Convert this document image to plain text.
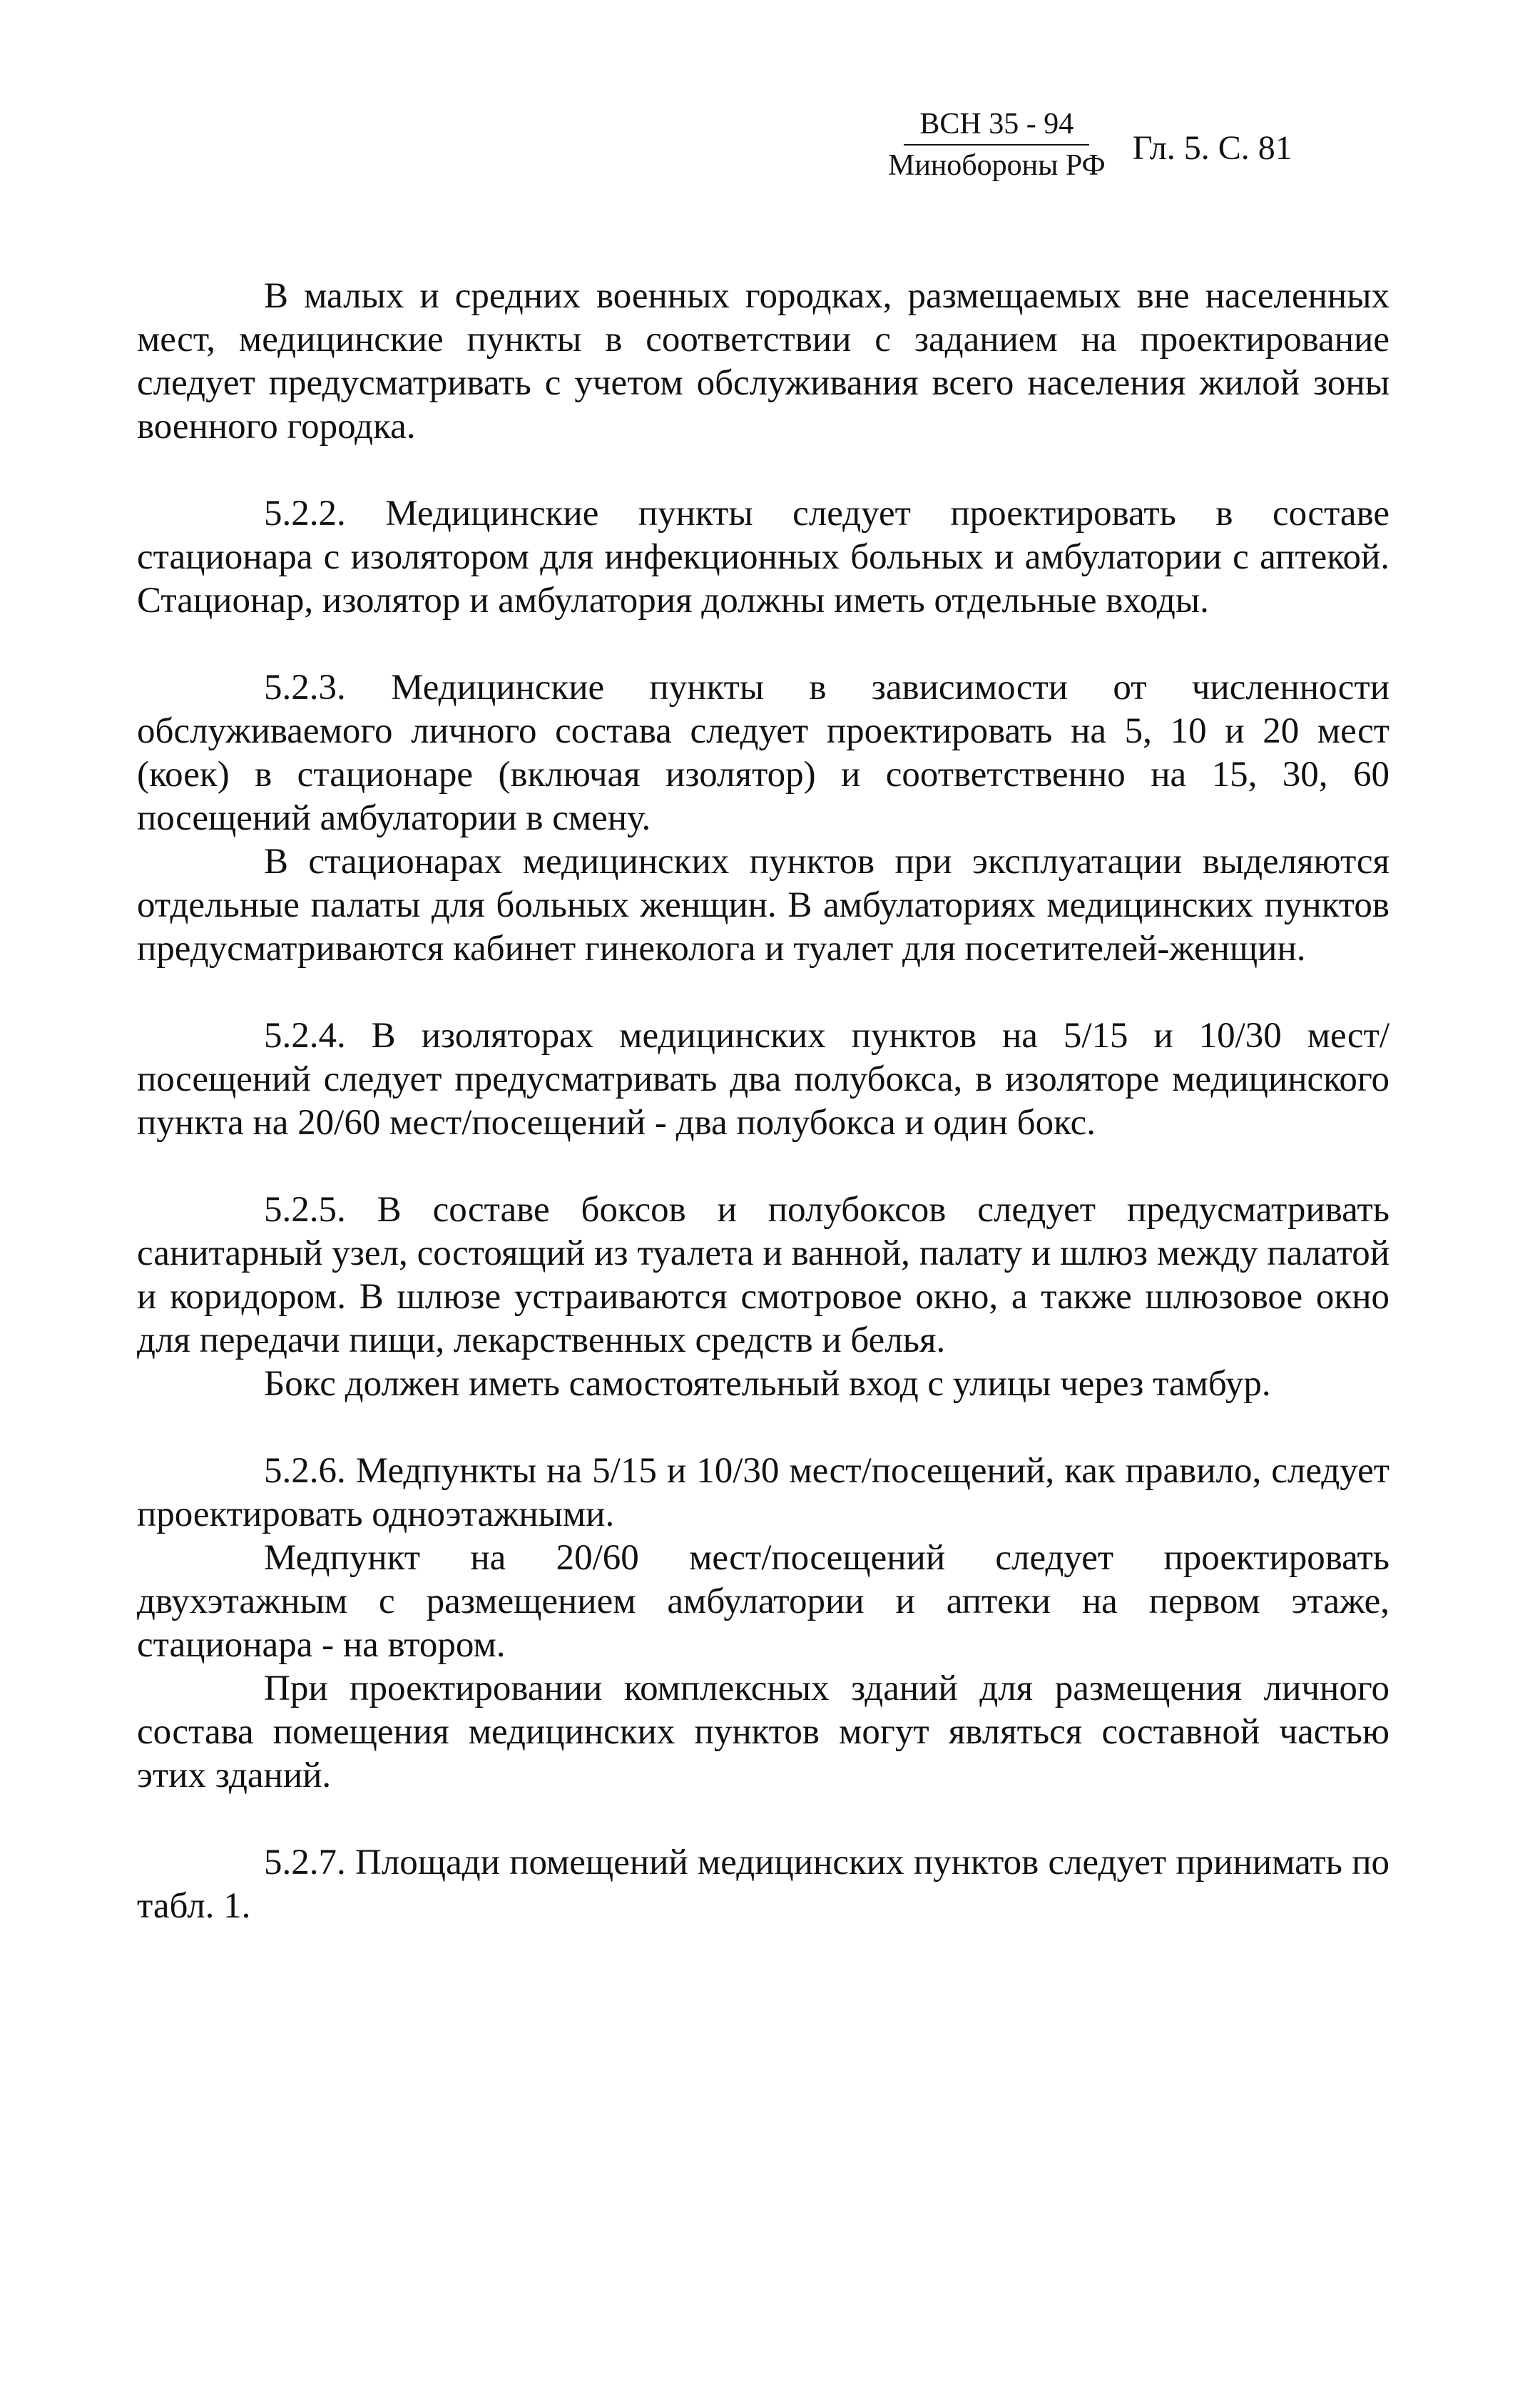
ВСН 35 - 94
Минобороны РФ Гл. 5. С. 81

В малых и средних военных городках, размещаемых вне населенных мест, медицинские пункты в соответствии с заданием на проектирование следует предусматривать с учетом обслуживания всего населения жилой зоны военного городка.

5.2.2. Медицинские пункты следует проектировать в составе стационара с изолятором для инфекционных больных и амбулатории с аптекой. Стационар, изолятор и амбулатория должны иметь отдельные входы.

5.2.3. Медицинские пункты в зависимости от численности обслуживаемого личного состава следует проектировать на 5, 10 и 20 мест (коек) в стационаре (включая изолятор) и соответственно на 15, 30, 60 посещений амбулатории в смену.

В стационарах медицинских пунктов при эксплуатации выделяются отдельные палаты для больных женщин. В амбулаториях медицинских пунктов предусматриваются кабинет гинеколога и туалет для посетителей-женщин.

5.2.4. В изоляторах медицинских пунктов на 5/15 и 10/30 мест/посещений следует предусматривать два полубокса, в изоляторе медицинского пункта на 20/60 мест/посещений - два полубокса и один бокс.

5.2.5. В составе боксов и полубоксов следует предусматривать санитарный узел, состоящий из туалета и ванной, палату и шлюз между палатой и коридором. В шлюзе устраиваются смотровое окно, а также шлюзовое окно для передачи пищи, лекарственных средств и белья.

Бокс должен иметь самостоятельный вход с улицы через тамбур.

5.2.6. Медпункты на 5/15 и 10/30 мест/посещений, как правило, следует проектировать одноэтажными.

Медпункт на 20/60 мест/посещений следует проектировать двухэтажным с размещением амбулатории и аптеки на первом этаже, стационара - на втором.

При проектировании комплексных зданий для размещения личного состава помещения медицинских пунктов могут являться составной частью этих зданий.

5.2.7. Площади помещений медицинских пунктов следует принимать по табл. 1.
